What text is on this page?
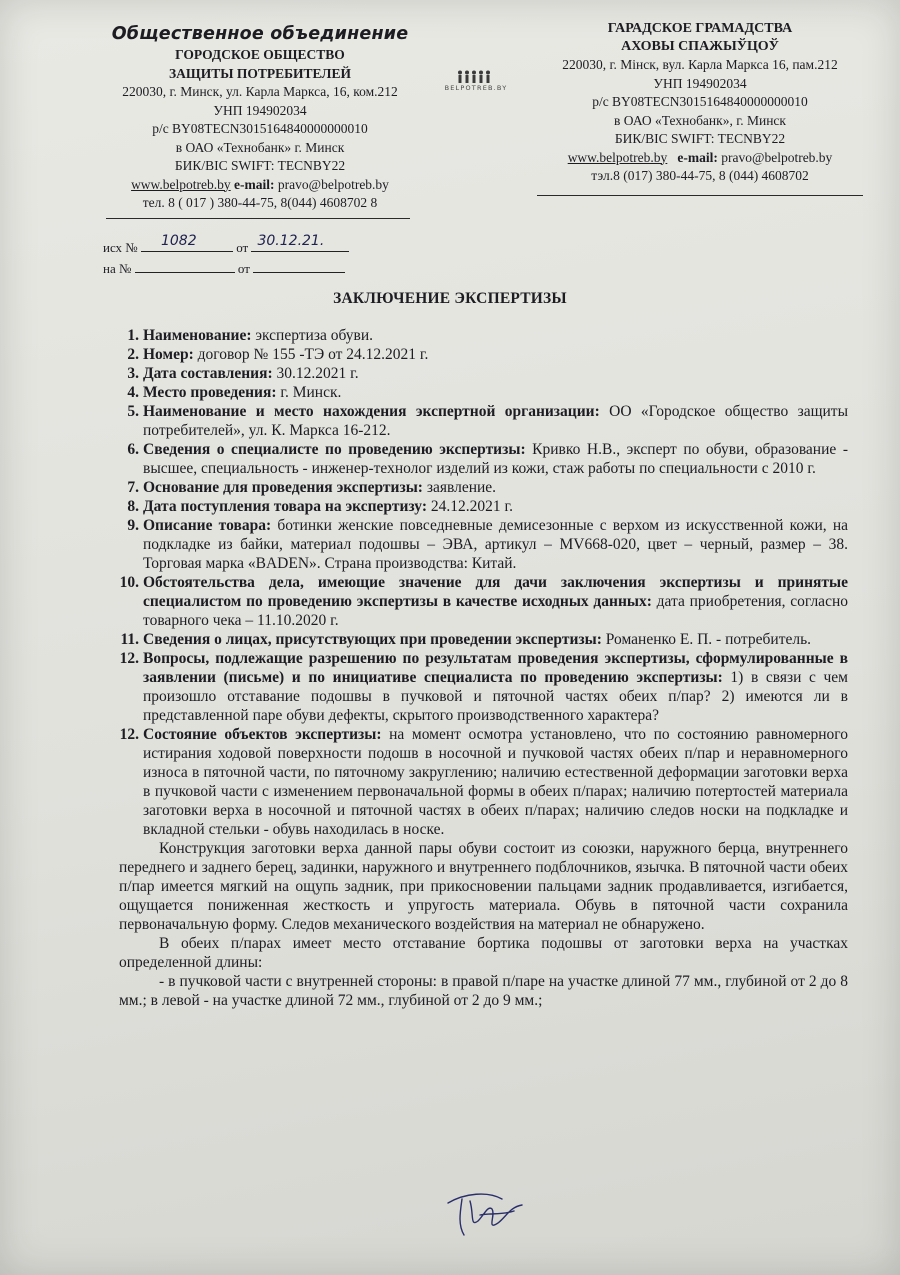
Общественное объединение
ГОРОДСКОЕ ОБЩЕСТВО
ЗАЩИТЫ ПОТРЕБИТЕЛЕЙ
220030, г. Минск, ул. Карла Маркса, 16, ком.212
УНП 194902034
р/с BY08TECN3015164840000000010
в ОАО «Технобанк» г. Минск
БИК/BIC SWIFT: TECNBY22
www.belpotreb.by e-mail: pravo@belpotreb.by
тел. 8 ( 017 ) 380-44-75, 8(044) 4608702 8
BELPOTREB.BY
ГАРАДСКОЕ ГРАМАДСТВА
АХОВЫ СПАЖЫЎЦОЎ
220030, г. Мінск, вул. Карла Маркса 16, пам.212
УНП 194902034
р/с BY08TECN3015164840000000010
в ОАО «Технобанк», г. Минск
БИК/BIC SWIFT: TECNBY22
www.belpotreb.by e-mail: pravo@belpotreb.by
тэл.8 (017) 380-44-75, 8 (044) 4608702
исх № 1082	от 30.12.21.
на №	от
ЗАКЛЮЧЕНИЕ ЭКСПЕРТИЗЫ
1. Наименование: экспертиза обуви.
2. Номер: договор № 155 -ТЭ от 24.12.2021 г.
3. Дата составления: 30.12.2021 г.
4. Место проведения: г. Минск.
5. Наименование и место нахождения экспертной организации: ОО «Городское общество защиты потребителей», ул. К. Маркса 16-212.
6. Сведения о специалисте по проведению экспертизы: Кривко Н.В., эксперт по обуви, образование - высшее, специальность - инженер-технолог изделий из кожи, стаж работы по специальности с 2010 г.
7. Основание для проведения экспертизы: заявление.
8. Дата поступления товара на экспертизу: 24.12.2021 г.
9. Описание товара: ботинки женские повседневные демисезонные с верхом из искусственной кожи, на подкладке из байки, материал подошвы – ЭВА, артикул – MV668-020, цвет – черный, размер – 38. Торговая марка «BADEN». Страна производства: Китай.
10. Обстоятельства дела, имеющие значение для дачи заключения экспертизы и принятые специалистом по проведению экспертизы в качестве исходных данных: дата приобретения, согласно товарного чека – 11.10.2020 г.
11. Сведения о лицах, присутствующих при проведении экспертизы: Романенко Е. П. - потребитель.
12. Вопросы, подлежащие разрешению по результатам проведения экспертизы, сформулированные в заявлении (письме) и по инициативе специалиста по проведению экспертизы: 1) в связи с чем произошло отставание подошвы в пучковой и пяточной частях обеих п/пар? 2) имеются ли в представленной паре обуви дефекты, скрытого производственного характера?
12. Состояние объектов экспертизы: на момент осмотра установлено, что по состоянию равномерного истирания ходовой поверхности подошв в носочной и пучковой частях обеих п/пар и неравномерного износа в пяточной части, по пяточному закруглению; наличию естественной деформации заготовки верха в пучковой части с изменением первоначальной формы в обеих п/парах; наличию потертостей материала заготовки верха в носочной и пяточной частях в обеих п/парах; наличию следов носки на подкладке и вкладной стельки - обувь находилась в носке.
Конструкция заготовки верха данной пары обуви состоит из союзки, наружного берца, внутреннего переднего и заднего берец, задинки, наружного и внутреннего подблочников, язычка. В пяточной части обеих п/пар имеется мягкий на ощупь задник, при прикосновении пальцами задник продавливается, изгибается, ощущается пониженная жесткость и упругость материала. Обувь в пяточной части сохранила первоначальную форму. Следов механического воздействия на материал не обнаружено.
В обеих п/парах имеет место отставание бортика подошвы от заготовки верха на участках определенной длины:
- в пучковой части с внутренней стороны: в правой п/паре на участке длиной 77 мм., глубиной от 2 до 8 мм.; в левой - на участке длиной 72 мм., глубиной от 2 до 9 мм.;
